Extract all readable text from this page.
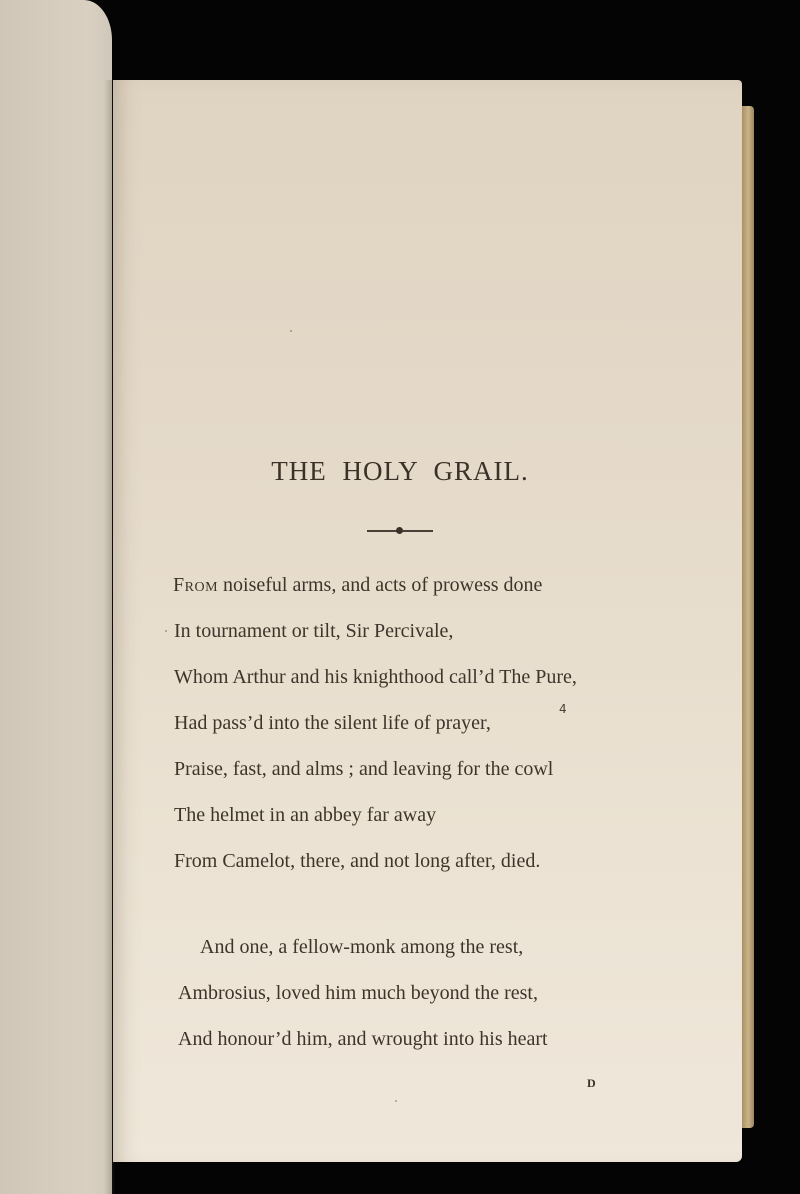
THE HOLY GRAIL.
From noiseful arms, and acts of prowess done
In tournament or tilt, Sir Percivale,
Whom Arthur and his knighthood call’d The Pure,
Had pass’d into the silent life of prayer,
Praise, fast, and alms ; and leaving for the cowl
The helmet in an abbey far away
From Camelot, there, and not long after, died.
And one, a fellow-monk among the rest,
Ambrosius, loved him much beyond the rest,
And honour’d him, and wrought into his heart
4
D
